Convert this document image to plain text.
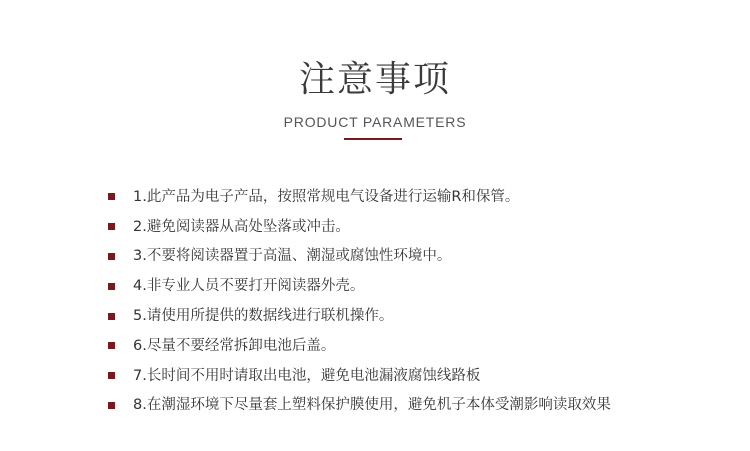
注意事项
PRODUCT PARAMETERS
1.此产品为电子产品，按照常规电气设备进行运输R和保管。
2.避免阅读器从高处坠落或冲击。
3.不要将阅读器置于高温、潮湿或腐蚀性环境中。
4.非专业人员不要打开阅读器外壳。
5.请使用所提供的数据线进行联机操作。
6.尽量不要经常拆卸电池后盖。
7.长时间不用时请取出电池，避免电池漏液腐蚀线路板
8.在潮湿环境下尽量套上塑料保护膜使用，避免机子本体受潮影响读取效果
